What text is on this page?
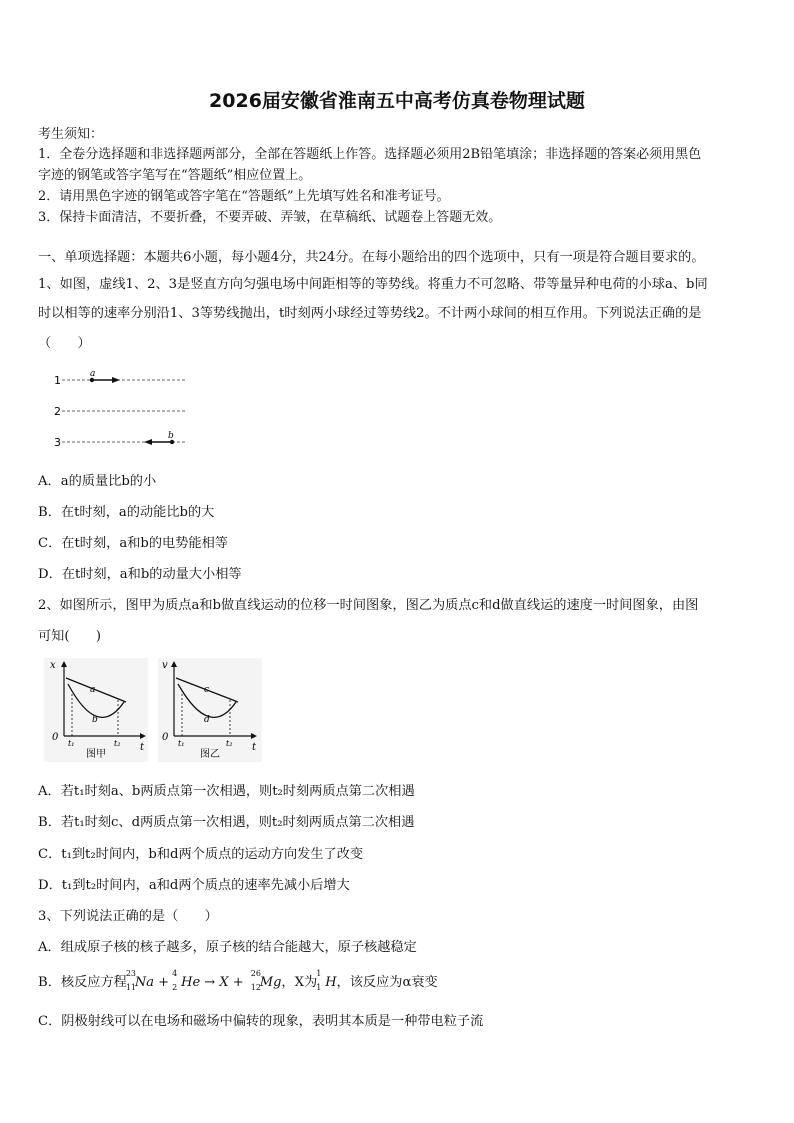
2026届安徽省淮南五中高考仿真卷物理试题
考生须知：
1．全卷分选择题和非选择题两部分，全部在答题纸上作答。选择题必须用2B铅笔填涂；非选择题的答案必须用黑色
字迹的钢笔或答字笔写在“答题纸”相应位置上。
2．请用黑色字迹的钢笔或答字笔在“答题纸”上先填写姓名和准考证号。
3．保持卡面清洁，不要折叠，不要弄破、弄皱，在草稿纸、试题卷上答题无效。
一、单项选择题：本题共6小题，每小题4分，共24分。在每小题给出的四个选项中，只有一项是符合题目要求的。
1、如图，虚线1、2、3是竖直方向匀强电场中间距相等的等势线。将重力不可忽略、带等量异种电荷的小球a、b同
时以相等的速率分别沿1、3等势线抛出，t时刻两小球经过等势线2。不计两小球间的相互作用。下列说法正确的是
（　　）
1
2
3
a
b
A．a的质量比b的小
B．在t时刻，a的动能比b的大
C．在t时刻，a和b的电势能相等
D．在t时刻，a和b的动量大小相等
2、如图所示，图甲为质点a和b做直线运动的位移一时间图象，图乙为质点c和d做直线运的速度一时间图象，由图
可知(　　)
x
0
t
a
b
t₁	t₂
图甲
v
0
t
c
d
t₁	t₂
图乙
A．若t₁时刻a、b两质点第一次相遇，则t₂时刻两质点第二次相遇
B．若t₁时刻c、d两质点第一次相遇，则t₂时刻两质点第二次相遇
C．t₁到t₂时间内，b和d两个质点的运动方向发生了改变
D．t₁到t₂时间内，a和d两个质点的速率先减小后增大
3、下列说法正确的是（　　）
A．组成原子核的核子越多，原子核的结合能越大，原子核越稳定
B．核反应方程
23
11
Na +
4
2 He → X +
26
12
Mg，X为
1
1 H，该反应为α衰变
C．阴极射线可以在电场和磁场中偏转的现象，表明其本质是一种带电粒子流
